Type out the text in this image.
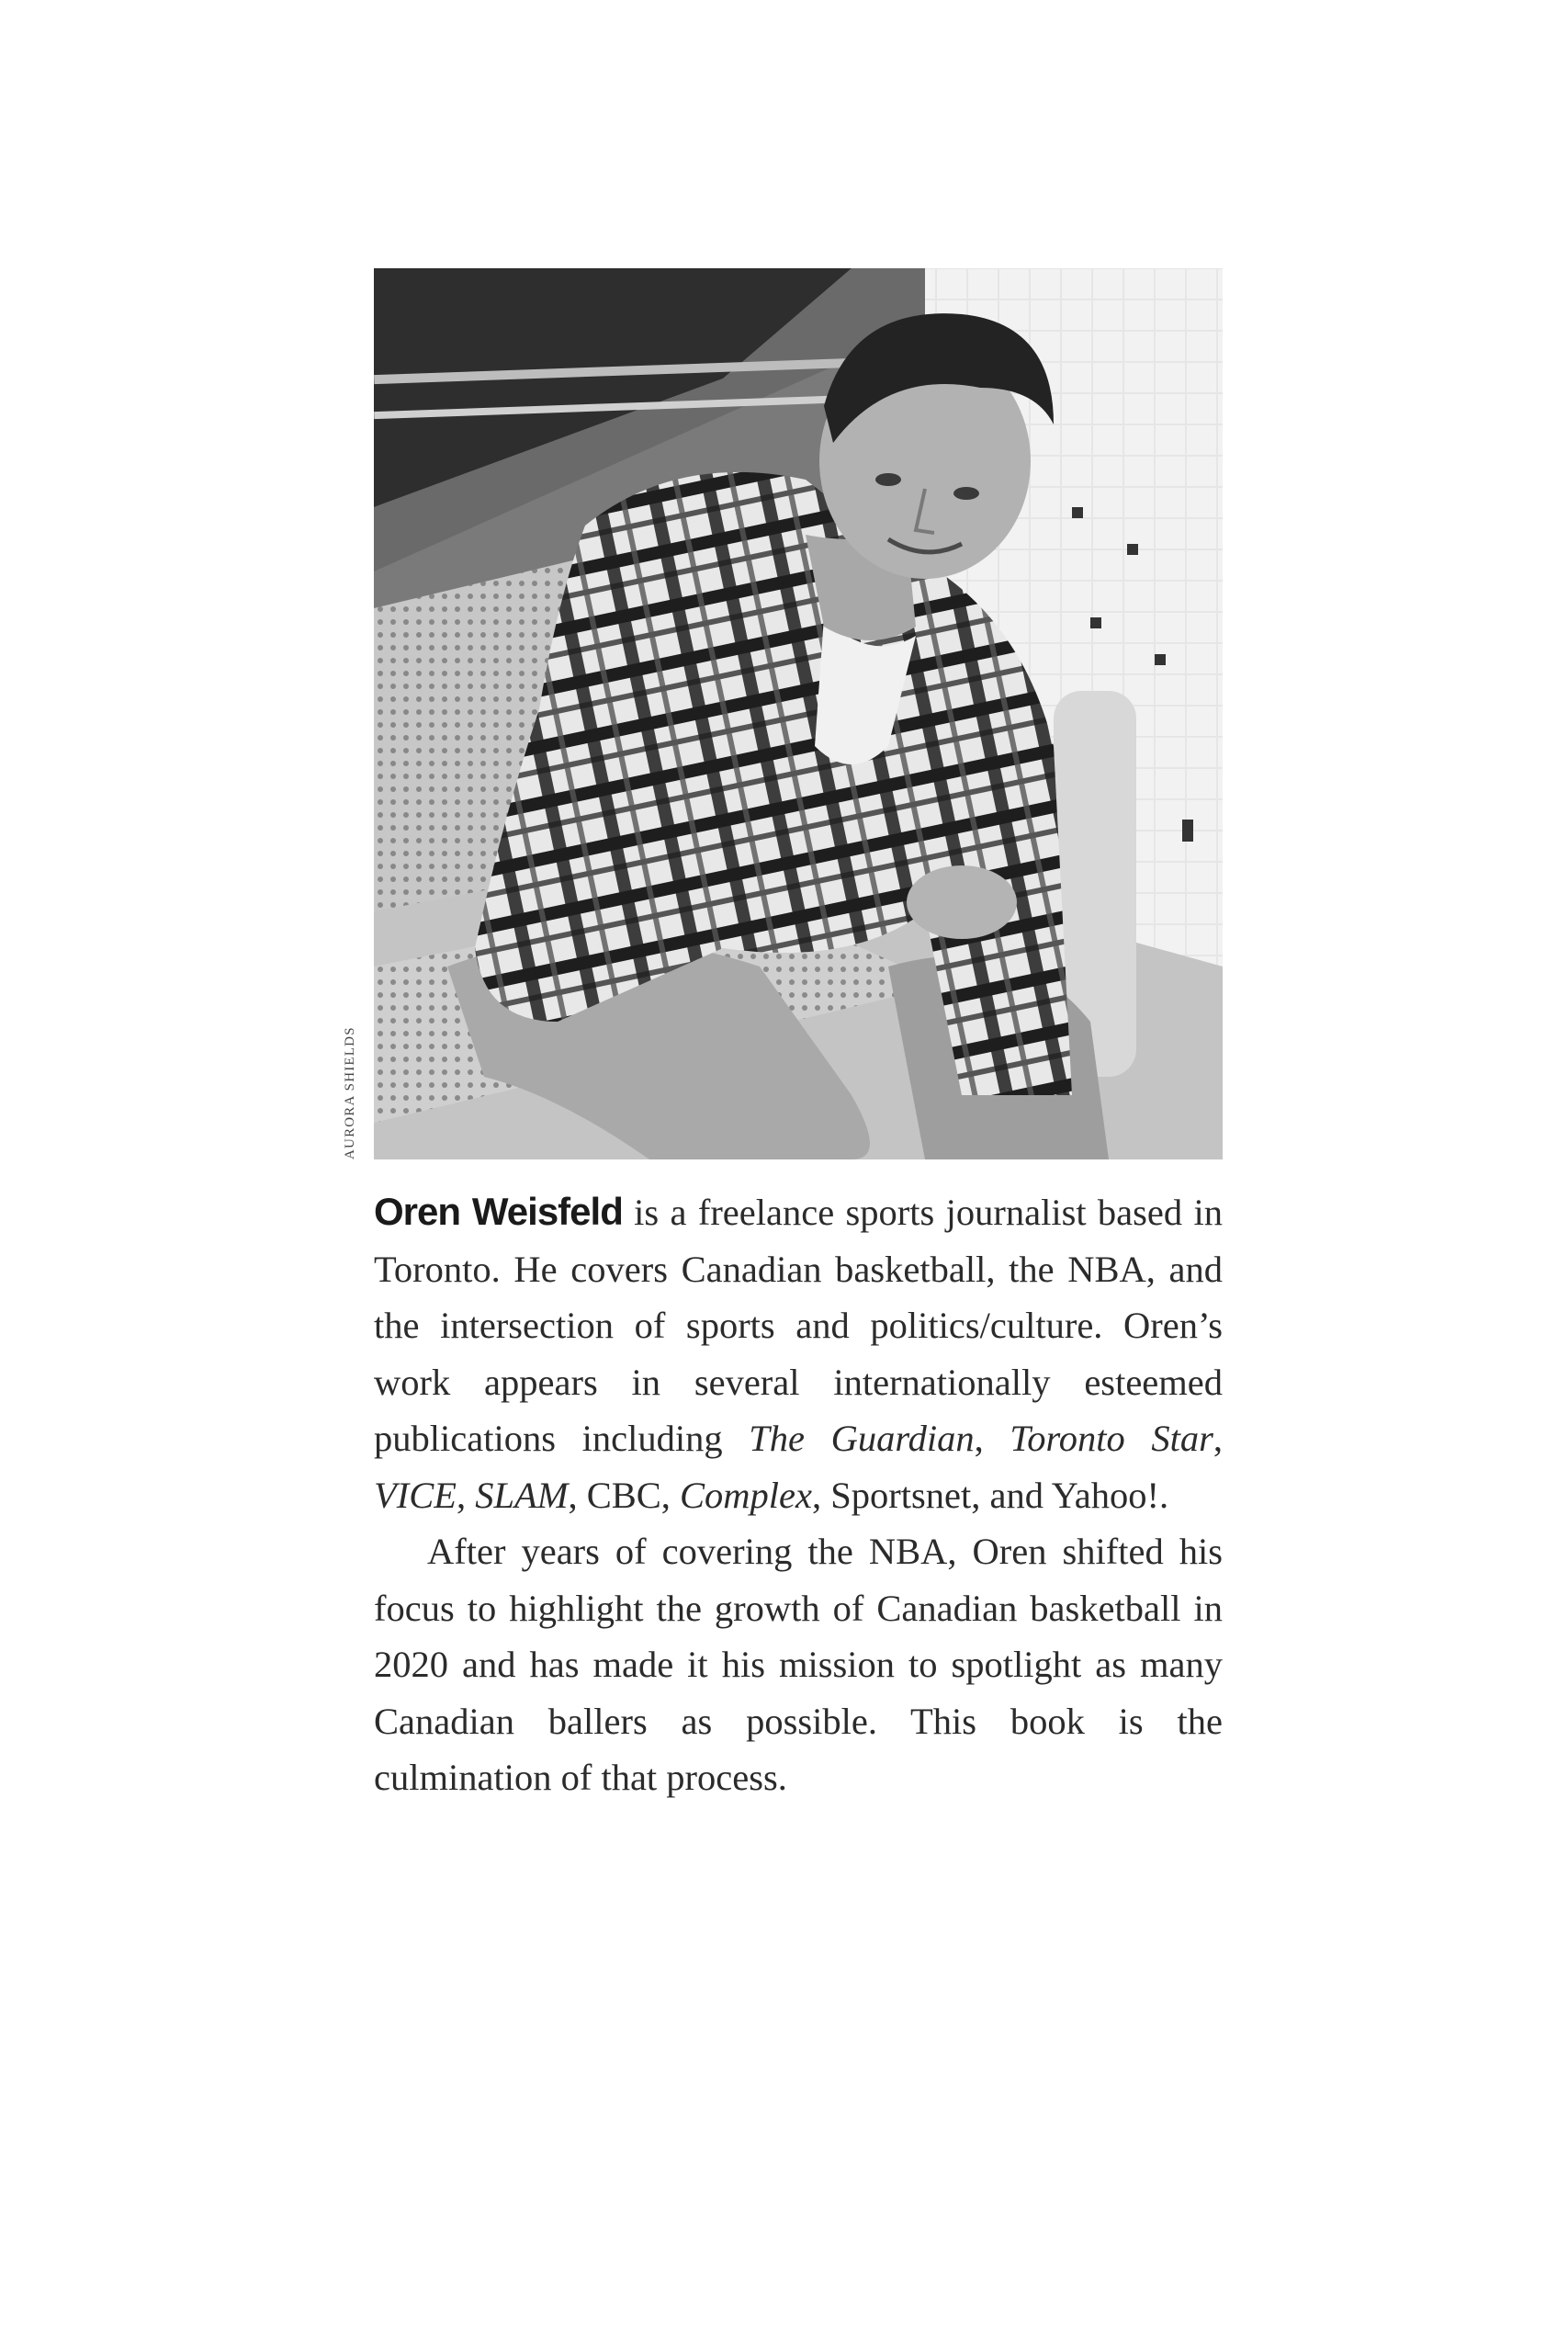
AURORA SHIELDS

Oren Weisfeld is a freelance sports journalist based in Toronto. He covers Canadian basketball, the NBA, and the intersection of sports and politics/culture. Oren’s work appears in several internationally esteemed publications including The Guardian, Toronto Star, VICE, SLAM, CBC, Complex, Sportsnet, and Yahoo!.

After years of covering the NBA, Oren shifted his focus to highlight the growth of Canadian basketball in 2020 and has made it his mission to spotlight as many Canadian ballers as possible. This book is the culmination of that process.
